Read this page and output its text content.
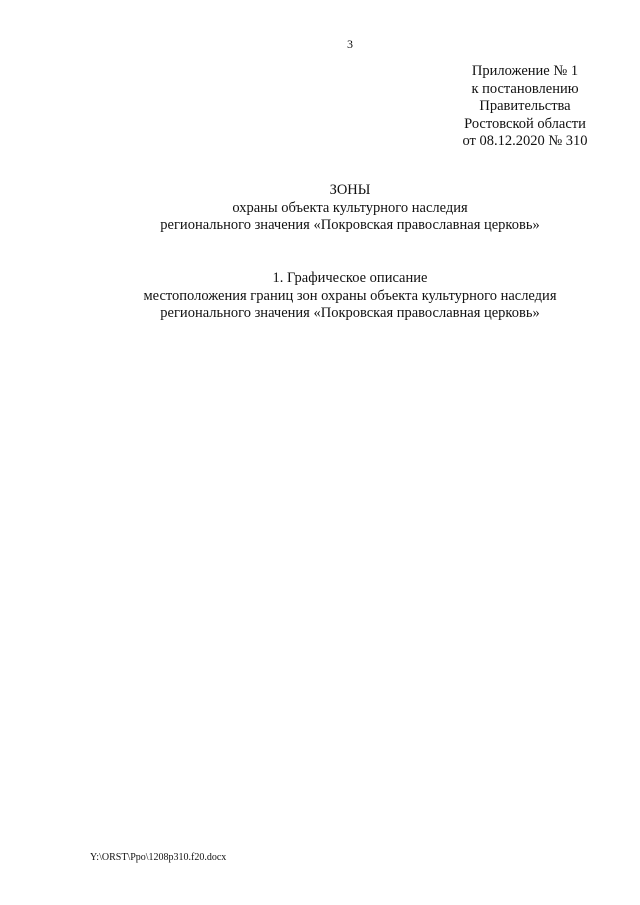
3
Приложение № 1
к постановлению
Правительства
Ростовской области
от 08.12.2020 № 310
ЗОНЫ
охраны объекта культурного наследия
регионального значения «Покровская православная церковь»
1. Графическое описание
местоположения границ зон охраны объекта культурного наследия
регионального значения «Покровская православная церковь»
Y:\ORST\Ppo\1208p310.f20.docx
